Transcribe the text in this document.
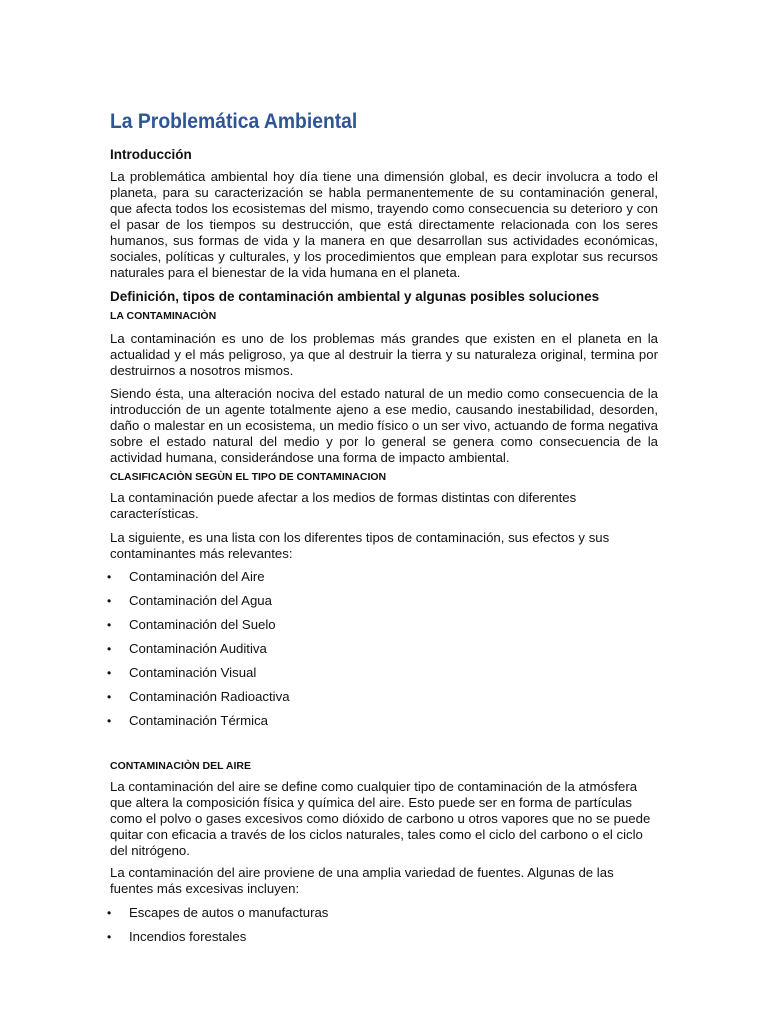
La Problemática Ambiental
Introducción

La problemática ambiental hoy día tiene una dimensión global, es decir involucra a todo el planeta, para su caracterización se habla permanentemente de su contaminación general, que afecta todos los ecosistemas del mismo, trayendo como consecuencia su deterioro y con el pasar de los tiempos su destrucción, que está directamente relacionada con los seres humanos, sus formas de vida y la manera en que desarrollan sus actividades económicas, sociales, políticas y culturales, y los procedimientos que emplean para explotar sus recursos naturales para el bienestar de la vida humana en el planeta.

Definición, tipos de contaminación ambiental y algunas posibles soluciones
LA CONTAMINACIÒN

La contaminación es uno de los problemas más grandes que existen en el planeta en la actualidad y el más peligroso, ya que al destruir la tierra y su naturaleza original, termina por destruirnos a nosotros mismos.

Siendo ésta, una alteración nociva del estado natural de un medio como consecuencia de la introducción de un agente totalmente ajeno a ese medio, causando inestabilidad, desorden, daño o malestar en un ecosistema, un medio físico o un ser vivo, actuando de forma negativa sobre el estado natural del medio y por lo general se genera como consecuencia de la actividad humana, considerándose una forma de impacto ambiental.

CLASIFICACIÒN SEGÙN EL TIPO DE CONTAMINACION

La contaminación puede afectar a los medios de formas distintas con diferentes características.

La siguiente, es una lista con los diferentes tipos de contaminación, sus efectos y sus contaminantes más relevantes:

• Contaminación del Aire
• Contaminación del Agua
• Contaminación del Suelo
• Contaminación Auditiva
• Contaminación Visual
• Contaminación Radioactiva
• Contaminación Térmica
CONTAMINACIÒN DEL AIRE

La contaminación del aire se define como cualquier tipo de contaminación de la atmósfera que altera la composición física y química del aire. Esto puede ser en forma de partículas como el polvo o gases excesivos como dióxido de carbono u otros vapores que no se puede quitar con eficacia a través de los ciclos naturales, tales como el ciclo del carbono o el ciclo del nitrógeno.

La contaminación del aire proviene de una amplia variedad de fuentes. Algunas de las fuentes más excesivas incluyen:

• Escapes de autos o manufacturas
• Incendios forestales
